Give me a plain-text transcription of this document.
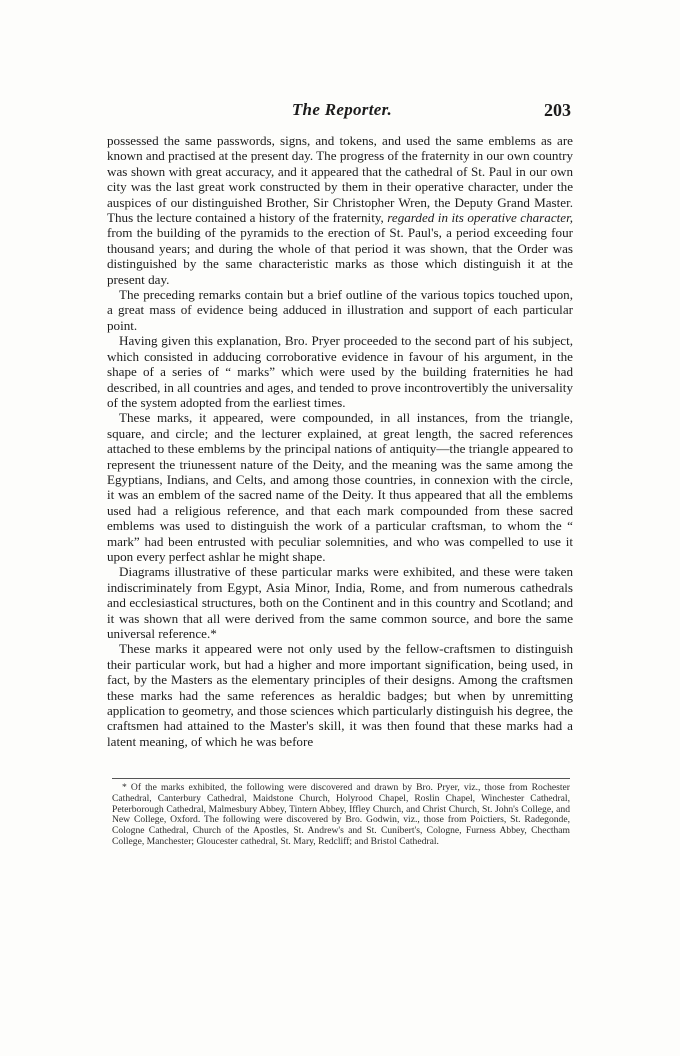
The Reporter.	203

possessed the same passwords, signs, and tokens, and used the same emblems as are known and practised at the present day. The progress of the fraternity in our own country was shown with great accuracy, and it appeared that the cathedral of St. Paul in our own city was the last great work constructed by them in their operative character, under the auspices of our distinguished Brother, Sir Christopher Wren, the Deputy Grand Master. Thus the lecture contained a history of the fraternity, regarded in its operative character, from the building of the pyramids to the erection of St. Paul's, a period exceeding four thousand years; and during the whole of that period it was shown, that the Order was distinguished by the same characteristic marks as those which distinguish it at the present day.

The preceding remarks contain but a brief outline of the various topics touched upon, a great mass of evidence being adduced in illustration and support of each particular point.

Having given this explanation, Bro. Pryer proceeded to the second part of his subject, which consisted in adducing corroborative evidence in favour of his argument, in the shape of a series of “ marks” which were used by the building fraternities he had described, in all countries and ages, and tended to prove incontrovertibly the universality of the system adopted from the earliest times.

These marks, it appeared, were compounded, in all instances, from the triangle, square, and circle; and the lecturer explained, at great length, the sacred references attached to these emblems by the principal nations of antiquity—the triangle appeared to represent the triunessent nature of the Deity, and the meaning was the same among the Egyptians, Indians, and Celts, and among those countries, in connexion with the circle, it was an emblem of the sacred name of the Deity. It thus appeared that all the emblems used had a religious reference, and that each mark compounded from these sacred emblems was used to distinguish the work of a particular craftsman, to whom the “ mark” had been entrusted with peculiar solemnities, and who was compelled to use it upon every perfect ashlar he might shape.

Diagrams illustrative of these particular marks were exhibited, and these were taken indiscriminately from Egypt, Asia Minor, India, Rome, and from numerous cathedrals and ecclesiastical structures, both on the Continent and in this country and Scotland; and it was shown that all were derived from the same common source, and bore the same universal reference.*

These marks it appeared were not only used by the fellow-craftsmen to distinguish their particular work, but had a higher and more important signification, being used, in fact, by the Masters as the elementary principles of their designs. Among the craftsmen these marks had the same references as heraldic badges; but when by unremitting application to geometry, and those sciences which particularly distinguish his degree, the craftsmen had attained to the Master's skill, it was then found that these marks had a latent meaning, of which he was before

* Of the marks exhibited, the following were discovered and drawn by Bro. Pryer, viz., those from Rochester Cathedral, Canterbury Cathedral, Maidstone Church, Holyrood Chapel, Roslin Chapel, Winchester Cathedral, Peterborough Cathedral, Malmesbury Abbey, Tintern Abbey, Iffley Church, and Christ Church, St. John's College, and New College, Oxford. The following were discovered by Bro. Godwin, viz., those from Poictiers, St. Radegonde, Cologne Cathedral, Church of the Apostles, St. Andrew's and St. Cunibert's, Cologne, Furness Abbey, Chectham College, Manchester; Gloucester cathedral, St. Mary, Redcliff; and Bristol Cathedral.
